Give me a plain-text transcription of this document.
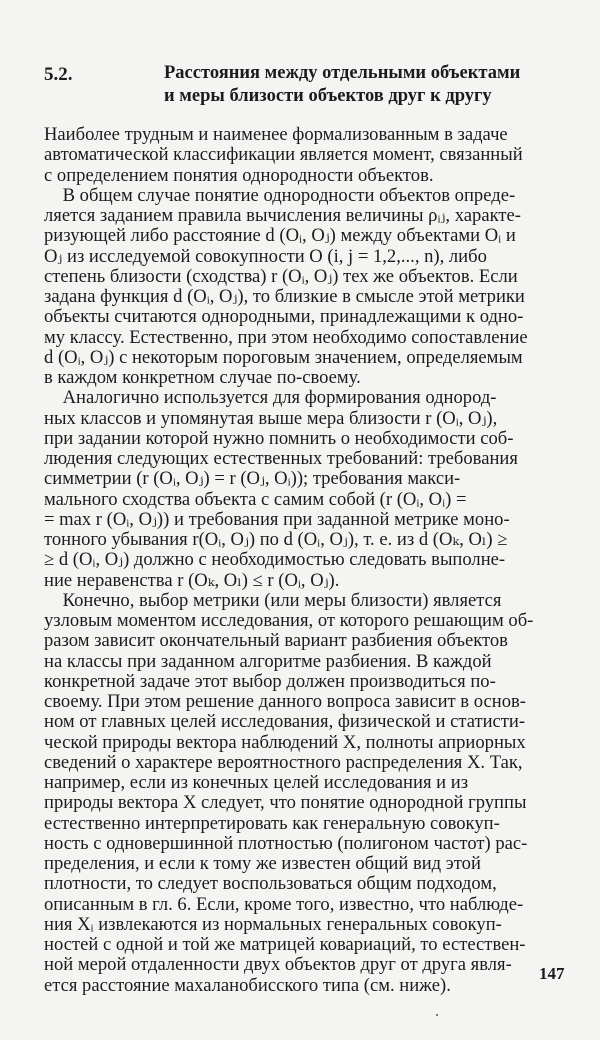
5.2.	Расстояния между отдельными объектами
и меры близости объектов друг к другу
Наиболее трудным и наименее формализованным в задаче
автоматической классификации является момент, связанный
с определением понятия однородности объектов.
В общем случае понятие однородности объектов опреде-
ляется заданием правила вычисления величины ρᵢⱼ, характе-
ризующей либо расстояние d (Oᵢ, Oⱼ) между объектами Oᵢ и
Oⱼ из исследуемой совокупности O (i, j = 1,2,..., n), либо
степень близости (сходства) r (Oᵢ, Oⱼ) тех же объектов. Если
задана функция d (Oᵢ, Oⱼ), то близкие в смысле этой метрики
объекты считаются однородными, принадлежащими к одно-
му классу. Естественно, при этом необходимо сопоставление
d (Oᵢ, Oⱼ) с некоторым пороговым значением, определяемым
в каждом конкретном случае по-своему.
Аналогично используется для формирования однород-
ных классов и упомянутая выше мера близости r (Oᵢ, Oⱼ),
при задании которой нужно помнить о необходимости соб-
людения следующих естественных требований: требования
симметрии (r (Oᵢ, Oⱼ) = r (Oⱼ, Oᵢ)); требования макси-
мального сходства объекта с самим собой (r (Oᵢ, Oᵢ) =
= max r (Oᵢ, Oⱼ)) и требования при заданной метрике моно-
тонного убывания r(Oᵢ, Oⱼ) по d (Oᵢ, Oⱼ), т. е. из d (Oₖ, Oₗ) ≥
≥ d (Oᵢ, Oⱼ) должно с необходимостью следовать выполне-
ние неравенства r (Oₖ, Oₗ) ≤ r (Oᵢ, Oⱼ).
Конечно, выбор метрики (или меры близости) является
узловым моментом исследования, от которого решающим об-
разом зависит окончательный вариант разбиения объектов
на классы при заданном алгоритме разбиения. В каждой
конкретной задаче этот выбор должен производиться по-
своему. При этом решение данного вопроса зависит в основ-
ном от главных целей исследования, физической и статисти-
ческой природы вектора наблюдений X, полноты априорных
сведений о характере вероятностного распределения X. Так,
например, если из конечных целей исследования и из
природы вектора X следует, что понятие однородной группы
естественно интерпретировать как генеральную совокуп-
ность с одновершинной плотностью (полигоном частот) рас-
пределения, и если к тому же известен общий вид этой
плотности, то следует воспользоваться общим подходом,
описанным в гл. 6. Если, кроме того, известно, что наблюде-
ния Xᵢ извлекаются из нормальных генеральных совокуп-
ностей с одной и той же матрицей ковариаций, то естествен-
ной мерой отдаленности двух объектов друг от друга явля-
ется расстояние махаланобисского типа (см. ниже).
147
